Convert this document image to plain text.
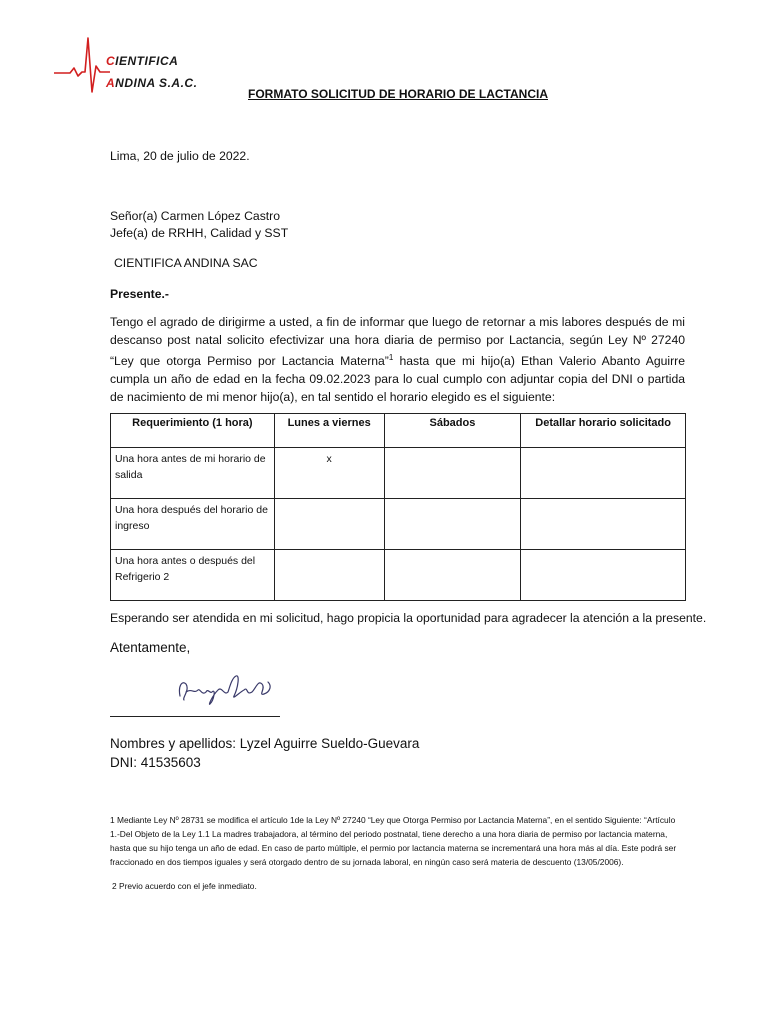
CIENTIFICA
ANDINA S.A.C.
FORMATO SOLICITUD DE HORARIO DE LACTANCIA
Lima, 20 de julio de 2022.
Señor(a) Carmen López Castro
Jefe(a) de RRHH, Calidad y SST
CIENTIFICA ANDINA SAC
Presente.-

Tengo el agrado de dirigirme a usted, a fin de informar que luego de retornar a mis labores después de mi descanso post natal solicito efectivizar una hora diaria de permiso por Lactancia, según Ley Nº 27240 “Ley que otorga Permiso por Lactancia Materna”$^1$ hasta que mi hijo(a) Ethan Valerio Abanto Aguirre cumpla un año de edad en la fecha 09.02.2023 para lo cual cumplo con adjuntar copia del DNI o partida de nacimiento de mi menor hijo(a), en tal sentido el horario elegido es el siguiente:

Requerimiento (1 hora)	Lunes a viernes	Sábados	Detallar horario solicitado
Una hora antes de mi horario de salida	x		
Una hora después del horario de ingreso			
Una hora antes o después del Refrigerio 2			
Esperando ser atendida en mi solicitud, hago propicia la oportunidad para agradecer la atención a la presente.
Atentamente,
Nombres y apellidos: Lyzel Aguirre Sueldo-Guevara
DNI: 41535603
1 Mediante Ley Nº 28731 se modifica el artículo 1de la Ley Nº 27240 “Ley que Otorga Permiso por Lactancia Materna”, en el sentido Siguiente: “Artículo 1.-Del Objeto de la Ley 1.1 La madres trabajadora, al término del periodo postnatal, tiene derecho a una hora diaria de permiso por lactancia materna, hasta que su hijo tenga un año de edad. En caso de parto múltiple, el permio por lactancia materna se incrementará una hora más al día. Este podrá ser fraccionado en dos tiempos iguales y será otorgado dentro de su jornada laboral, en ningún caso será materia de descuento (13/05/2006).
2 Previo acuerdo con el jefe inmediato.
